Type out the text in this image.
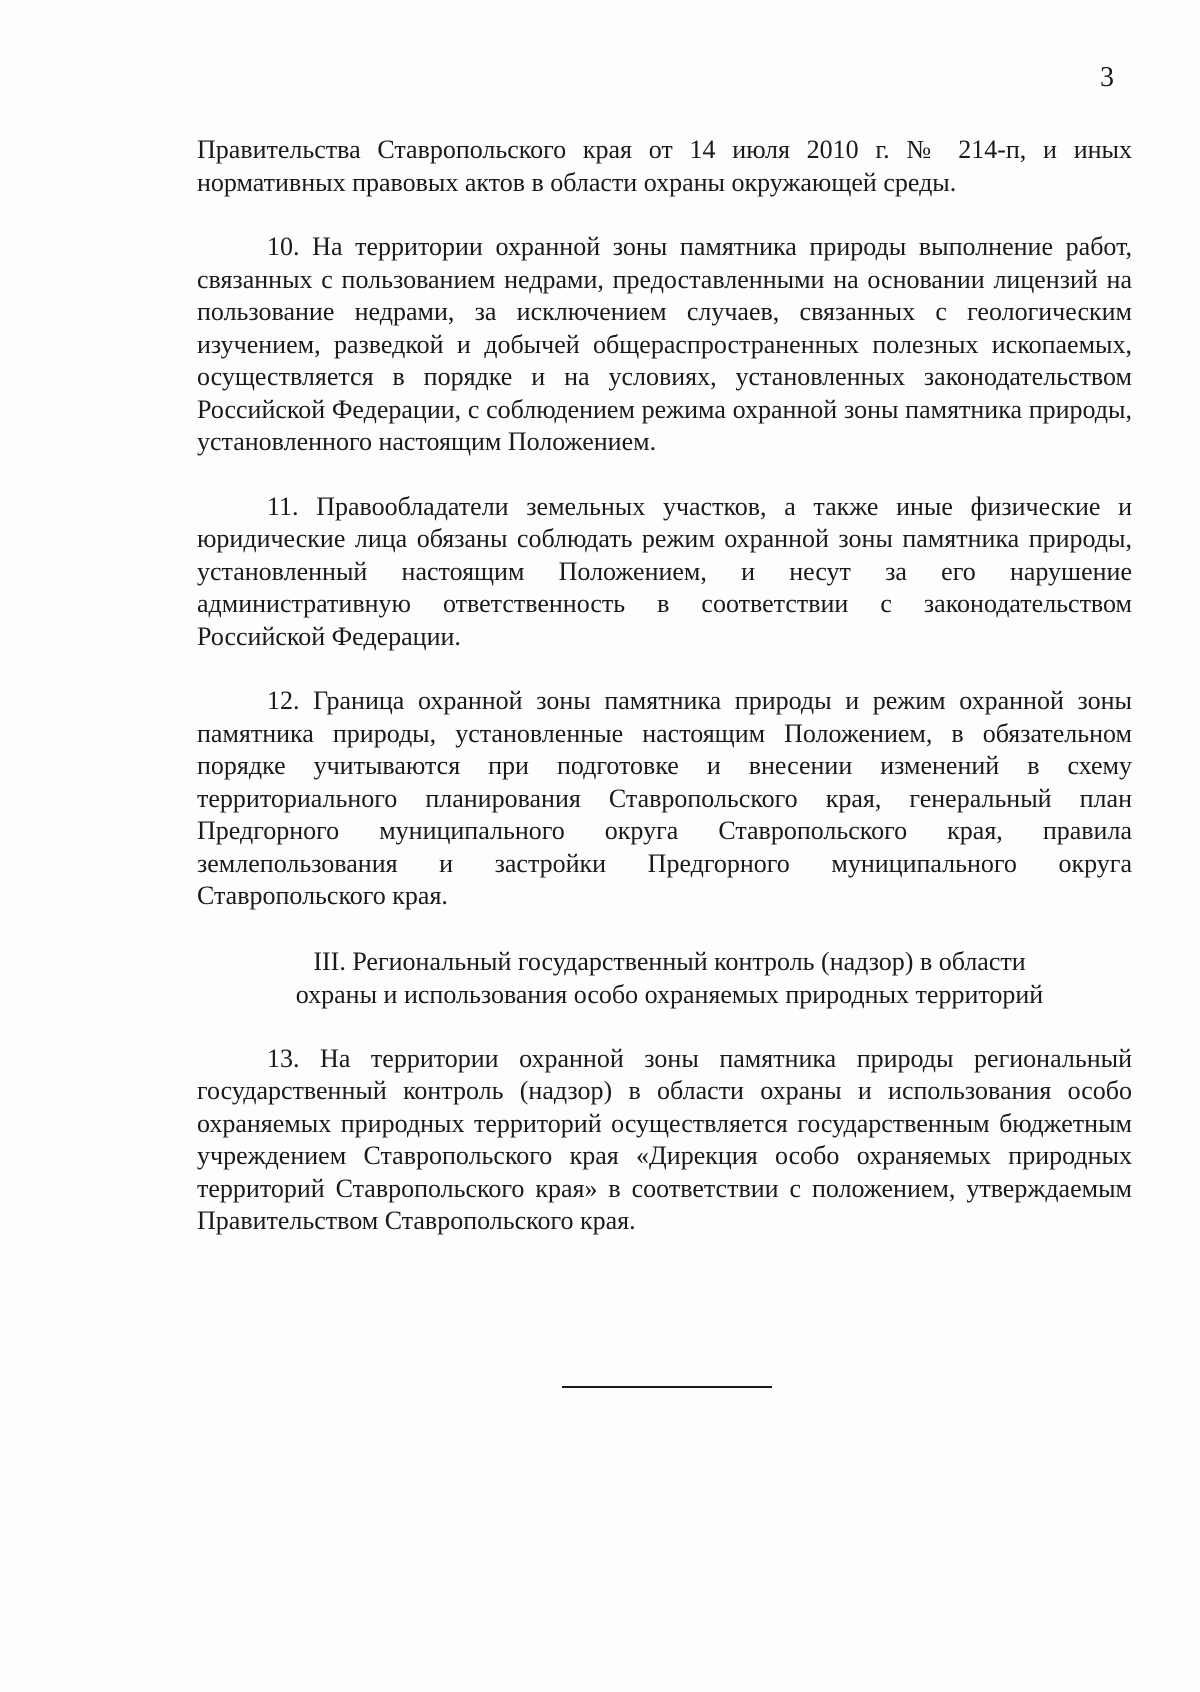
3

Правительства Ставропольского края от 14 июля 2010 г. № 214-п, и иных нормативных правовых актов в области охраны окружающей среды.

10. На территории охранной зоны памятника природы выполнение работ, связанных с пользованием недрами, предоставленными на основании лицензий на пользование недрами, за исключением случаев, связанных с геологическим изучением, разведкой и добычей общераспространенных полезных ископаемых, осуществляется в порядке и на условиях, установленных законодательством Российской Федерации, с соблюдением режима охранной зоны памятника природы, установленного настоящим Положением.

11. Правообладатели земельных участков, а также иные физические и юридические лица обязаны соблюдать режим охранной зоны памятника природы, установленный настоящим Положением, и несут за его нарушение административную ответственность в соответствии с законодательством Российской Федерации.

12. Граница охранной зоны памятника природы и режим охранной зоны памятника природы, установленные настоящим Положением, в обязательном порядке учитываются при подготовке и внесении изменений в схему территориального планирования Ставропольского края, генеральный план Предгорного муниципального округа Ставропольского края, правила землепользования и застройки Предгорного муниципального округа Ставропольского края.

III. Региональный государственный контроль (надзор) в области

охраны и использования особо охраняемых природных территорий

13. На территории охранной зоны памятника природы региональный государственный контроль (надзор) в области охраны и использования особо охраняемых природных территорий осуществляется государственным бюджетным учреждением Ставропольского края «Дирекция особо охраняемых природных территорий Ставропольского края» в соответствии с положением, утверждаемым Правительством Ставропольского края.
